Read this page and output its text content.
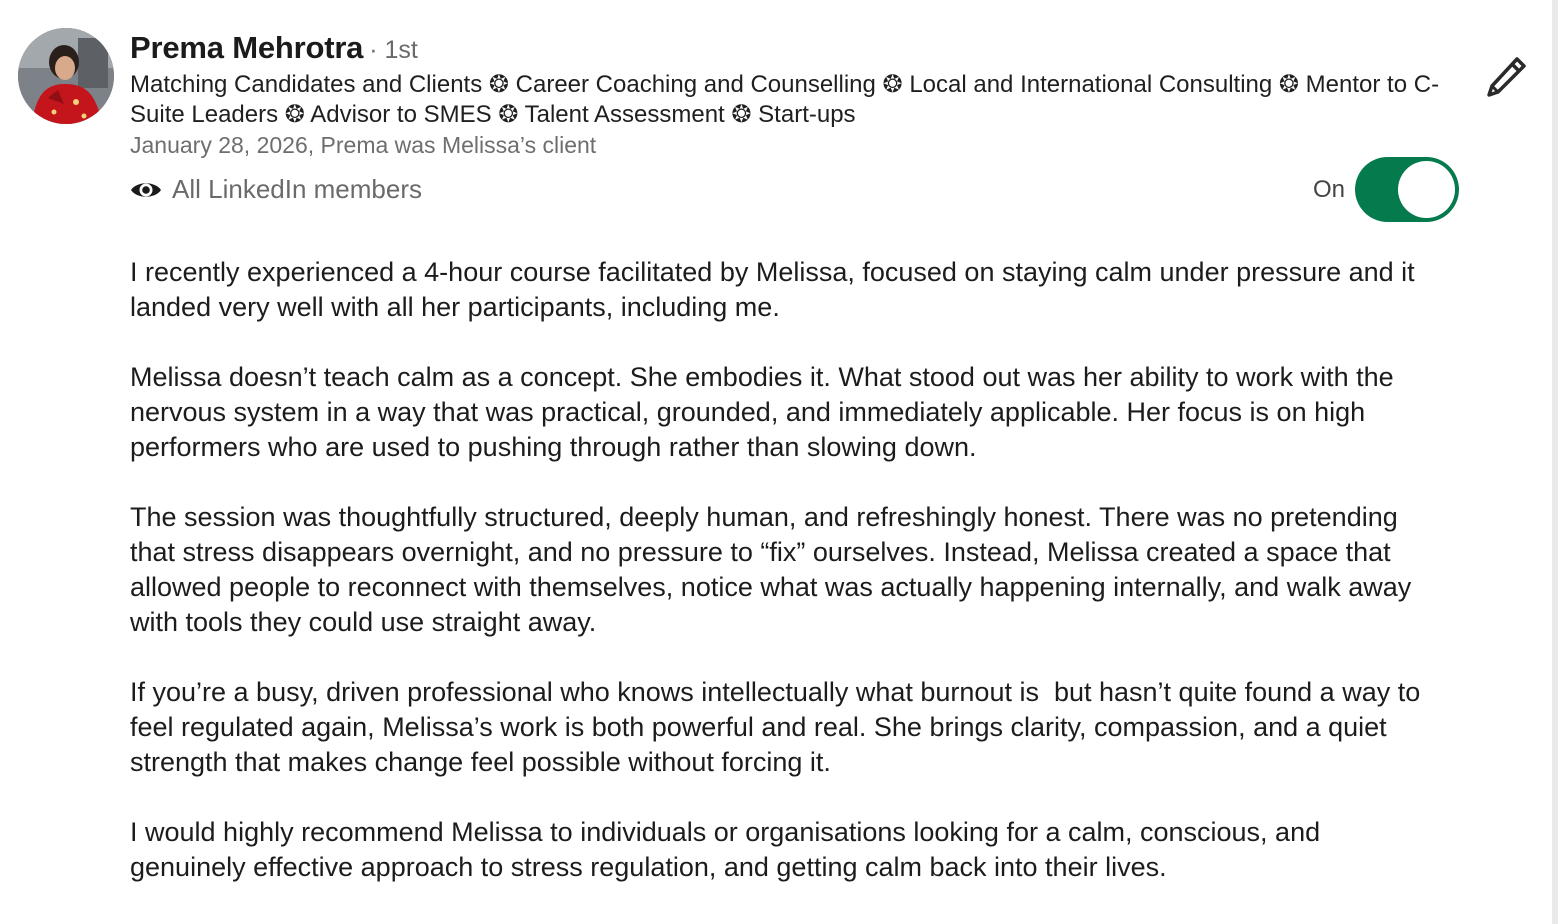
Prema Mehrotra · 1st
Matching Candidates and Clients ❂ Career Coaching and Counselling ❂ Local and International Consulting ❂ Mentor to C-Suite Leaders ❂ Advisor to SMES ❂ Talent Assessment ❂ Start-ups
January 28, 2026, Prema was Melissa’s client
All LinkedIn members	On

I recently experienced a 4-hour course facilitated by Melissa, focused on staying calm under pressure and it landed very well with all her participants, including me.

Melissa doesn’t teach calm as a concept. She embodies it. What stood out was her ability to work with the nervous system in a way that was practical, grounded, and immediately applicable. Her focus is on high performers who are used to pushing through rather than slowing down.

The session was thoughtfully structured, deeply human, and refreshingly honest. There was no pretending that stress disappears overnight, and no pressure to “fix” ourselves. Instead, Melissa created a space that allowed people to reconnect with themselves, notice what was actually happening internally, and walk away with tools they could use straight away.

If you’re a busy, driven professional who knows intellectually what burnout is  but hasn’t quite found a way to feel regulated again, Melissa’s work is both powerful and real. She brings clarity, compassion, and a quiet strength that makes change feel possible without forcing it.

I would highly recommend Melissa to individuals or organisations looking for a calm, conscious, and genuinely effective approach to stress regulation, and getting calm back into their lives.
